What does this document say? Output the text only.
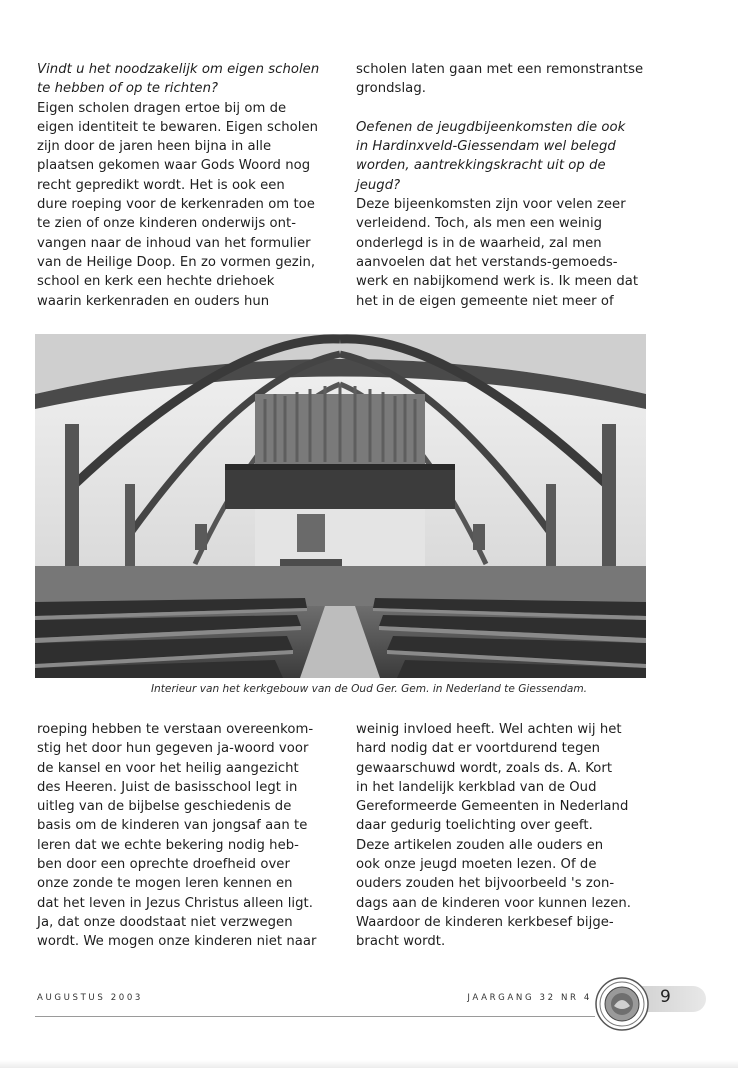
Vindt u het noodzakelijk om eigen scholen

te hebben of op te richten?

Eigen scholen dragen ertoe bij om de

eigen identiteit te bewaren. Eigen scholen

zijn door de jaren heen bijna in alle

plaatsen gekomen waar Gods Woord nog

recht gepredikt wordt. Het is ook een

dure roeping voor de kerkenraden om toe

te zien of onze kinderen onderwijs ont-

vangen naar de inhoud van het formulier

van de Heilige Doop. En zo vormen gezin,

school en kerk een hechte driehoek

waarin kerkenraden en ouders hun

scholen laten gaan met een remonstrantse

grondslag.

Oefenen de jeugdbijeenkomsten die ook

in Hardinxveld-Giessendam wel belegd

worden, aantrekkingskracht uit op de

jeugd?

Deze bijeenkomsten zijn voor velen zeer

verleidend. Toch, als men een weinig

onderlegd is in de waarheid, zal men

aanvoelen dat het verstands-gemoeds-

werk en nabijkomend werk is. Ik meen dat

het in de eigen gemeente niet meer of

Interieur van het kerkgebouw van de Oud Ger. Gem. in Nederland te Giessendam.

roeping hebben te verstaan overeenkom-

stig het door hun gegeven ja-woord voor

de kansel en voor het heilig aangezicht

des Heeren. Juist de basisschool legt in

uitleg van de bijbelse geschiedenis de

basis om de kinderen van jongsaf aan te

leren dat we echte bekering nodig heb-

ben door een oprechte droefheid over

onze zonde te mogen leren kennen en

dat het leven in Jezus Christus alleen ligt.

Ja, dat onze doodstaat niet verzwegen

wordt. We mogen onze kinderen niet naar

weinig invloed heeft. Wel achten wij het

hard nodig dat er voortdurend tegen

gewaarschuwd wordt, zoals ds. A. Kort

in het landelijk kerkblad van de Oud

Gereformeerde Gemeenten in Nederland

daar gedurig toelichting over geeft.

Deze artikelen zouden alle ouders en

ook onze jeugd moeten lezen. Of de

ouders zouden het bijvoorbeeld 's zon-

dags aan de kinderen voor kunnen lezen.

Waardoor de kinderen kerkbesef bijge-

bracht wordt.

AUGUSTUS 2003	JAARGANG 32 NR 4	9
